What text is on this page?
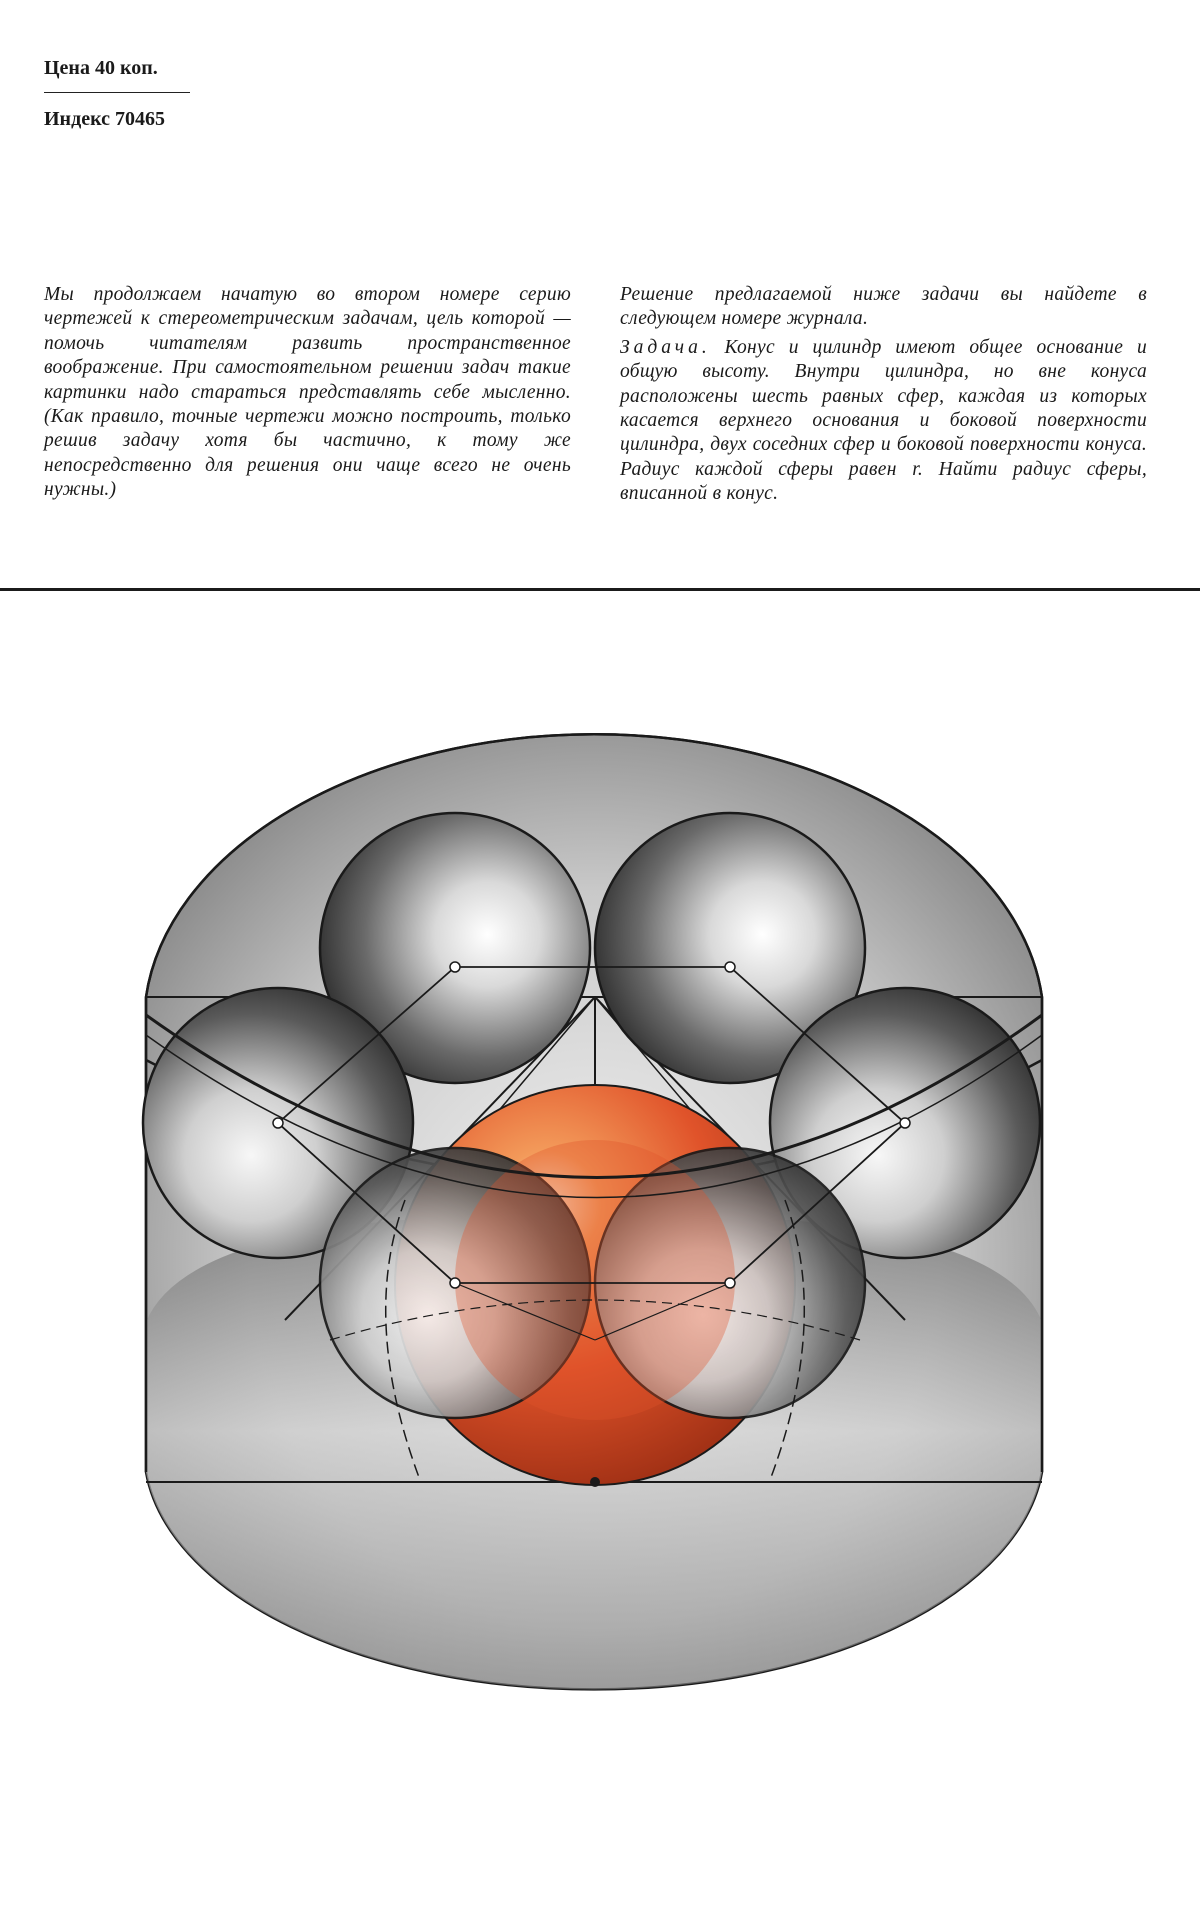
Цена 40 коп.

Индекс 70465

Мы продолжаем начатую во втором номере серию чертежей к стереометрическим задачам, цель которой — помочь читателям развить пространственное воображение. При самостоятельном решении задач такие картинки надо стараться представлять себе мысленно. (Как правило, точные чертежи можно построить, только решив задачу хотя бы частично, к тому же непосредственно для решения они чаще всего не очень нужны.)

Решение предлагаемой ниже задачи вы найдете в следующем номере журнала.

Задача. Конус и цилиндр имеют общее основание и общую высоту. Внутри цилиндра, но вне конуса расположены шесть равных сфер, каждая из которых касается верхнего основания и боковой поверхности цилиндра, двух соседних сфер и боковой поверхности конуса. Радиус каждой сферы равен r. Найти радиус сферы, вписанной в конус.
